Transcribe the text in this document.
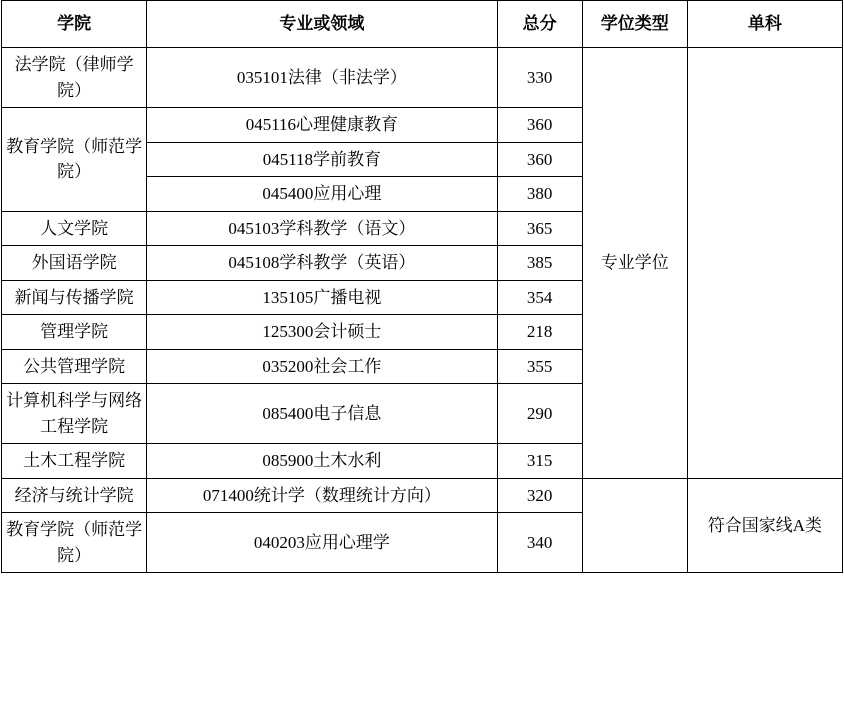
学院	专业或领域	总分	学位类型	单科
法学院（律师学院）	035101法律（非法学）	330	专业学位	
教育学院（师范学院）	045116心理健康教育	360		
	045118学前教育	360		
	045400应用心理	380		
人文学院	045103学科教学（语文）	365		
外国语学院	045108学科教学（英语）	385		
新闻与传播学院	135105广播电视	354		
管理学院	125300会计硕士	218		
公共管理学院	035200社会工作	355		
计算机科学与网络工程学院	085400电子信息	290		
土木工程学院	085900土木水利	315		
经济与统计学院	071400统计学（数理统计方向）	320		符合国家线A类
教育学院（师范学院）	040203应用心理学	340		
